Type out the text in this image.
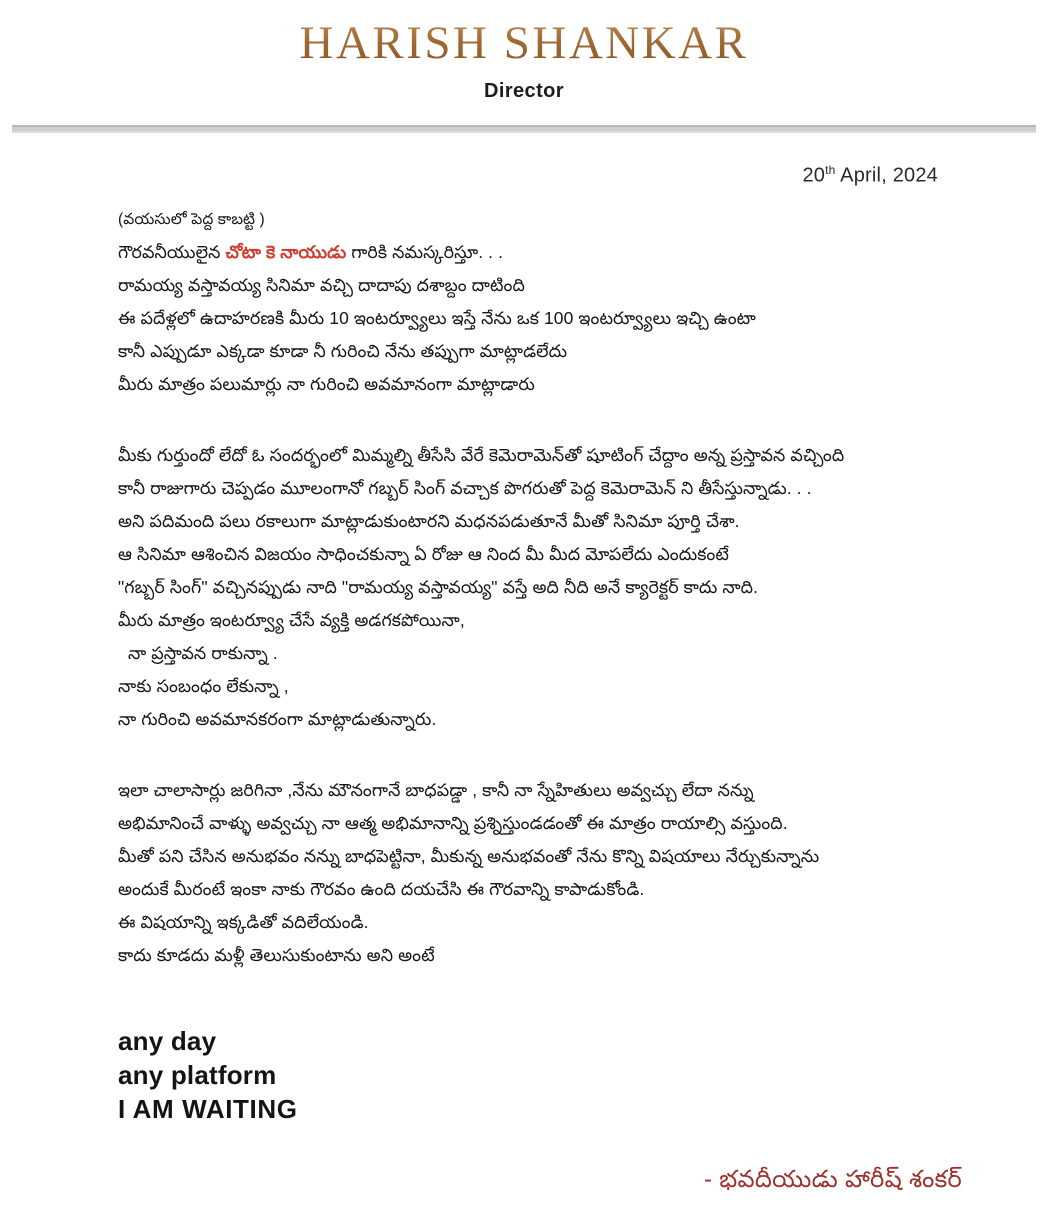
HARISH SHANKAR
Director
20th April, 2024
(వయసులో పెద్ద కాబట్టి )
గౌరవనీయులైన చోటా కె నాయుడు గారికి నమస్కరిస్తూ. . .
రామయ్య వస్తావయ్య సినిమా వచ్చి దాదాపు దశాబ్దం దాటింది
ఈ పదేళ్లలో ఉదాహరణకి మీరు 10 ఇంటర్వ్యూలు ఇస్తే నేను ఒక 100 ఇంటర్వ్యూలు ఇచ్చి ఉంటా
కానీ ఎప్పుడూ ఎక్కడా కూడా నీ గురించి నేను తప్పుగా మాట్లాడలేదు
మీరు మాత్రం పలుమార్లు నా గురించి అవమానంగా మాట్లాడారు
మీకు గుర్తుందో లేదో ఓ సందర్భంలో మిమ్మల్ని తీసేసి వేరే కెమెరామెన్‌తో షూటింగ్ చేద్దాం అన్న ప్రస్తావన వచ్చింది
కానీ రాజుగారు చెప్పడం మూలంగానో గబ్బర్ సింగ్ వచ్చాక పొగరుతో పెద్ద కెమెరామెన్ ని తీసేస్తున్నాడు. . .
అని పదిమంది పలు రకాలుగా మాట్లాడుకుంటారని మధనపడుతూనే మీతో సినిమా పూర్తి చేశా.
ఆ సినిమా ఆశించిన విజయం సాధించకున్నా ఏ రోజు ఆ నింద మీ మీద మోపలేదు ఎందుకంటే
"గబ్బర్ సింగ్" వచ్చినప్పుడు నాది "రామయ్య వస్తావయ్య" వస్తే అది నీది అనే క్యారెక్టర్ కాదు నాది.
మీరు మాత్రం ఇంటర్వ్యూ చేసే వ్యక్తి అడగకపోయినా,
నా ప్రస్తావన రాకున్నా .
నాకు సంబంధం లేకున్నా ,
నా గురించి అవమానకరంగా మాట్లాడుతున్నారు.
ఇలా చాలాసార్లు జరిగినా ,నేను మౌనంగానే బాధపడ్డా , కానీ నా స్నేహితులు అవ్వచ్చు లేదా నన్ను
అభిమానించే వాళ్ళు అవ్వచ్చు నా ఆత్మ అభిమానాన్ని ప్రశ్నిస్తుండడంతో ఈ మాత్రం రాయాల్సి వస్తుంది.
మీతో పని చేసిన అనుభవం నన్ను బాధపెట్టినా, మీకున్న అనుభవంతో నేను కొన్ని విషయాలు నేర్చుకున్నాను
అందుకే మీరంటే ఇంకా నాకు గౌరవం ఉంది దయచేసి ఈ గౌరవాన్ని కాపాడుకోండి.
ఈ విషయాన్ని ఇక్కడితో వదిలేయండి.
కాదు కూడదు మళ్లీ తెలుసుకుంటాను అని అంటే
any day
any platform
I AM WAITING
- భవదీయుడు హారీష్ శంకర్
